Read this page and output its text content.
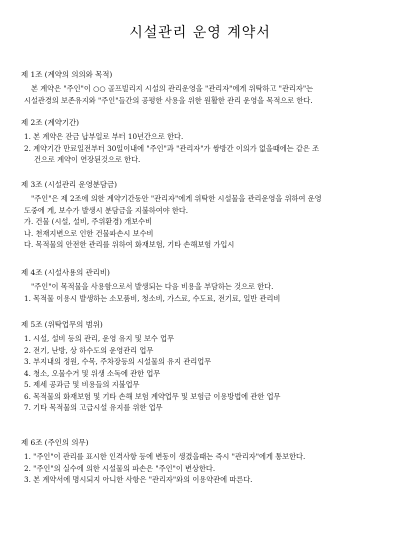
시설관리 운영 계약서
제 1조 (계약의 의의와 목적)
본 계약은 "주인"이 ○○ 골프빌리지 시설의 관리운영을 "관리자"에게 위탁하고 "관리자"는
시설관경의 보존유지와 "주인"들간의 공평한 사용을 위한 원활한 관리 운영을 목적으로 한다.
제 2조 (계약기간)
1. 본 계약은 잔금 납부일로 부터 10년간으로 한다.
2. 계약기간 만료일전부터 30일이내에 "주인"과 "관리자"가 쌍방간 이의가 없을때에는 같은 조
건으로 계약이 연장된것으로 한다.
제 3조 (시설관리 운영분담금)
"주인"은 제 2조에 의한 계약기간동안 "관리자"에게 위탁한 시설물을 관리운영을 위하여 운영
도중에 게, 보수가 발생시 분담금을 지불하여야 한다.
가. 건물 (시설, 설비, 주위환경) 개보수비
나. 천재지변으로 인한 건물파손시 보수비
다. 목적물의 안전한 관리를 위하여 화재보험, 기타 손해보험 가입시
제 4조 (시설사용의 관리비)
"주인"이 목적물을 사용함으로서 발생되는 다음 비용을 부담하는 것으로 한다.
1. 목적물 이용시 발생하는 소모품비, 청소비, 가스료, 수도료, 전기료, 일반 관리비
제 5조 (위탁업무의 범위)
1. 시설, 설비 등의 관리, 운영 유지 및 보수 업무
2. 전기, 난방, 상 하수도의 운영관리 업무
3. 부지내의 정원, 수목, 주차장등의 시설물의 유지 관리업무
4. 청소, 오물수거 및 위생 소독에 관한 업무
5. 제세 공과금 및 비용들의 지불업무
6. 목적물의 화재보험 및 기타 손해 보험 계약업무 및 보험금 이용방법에 관한 업무
7. 기타 목적물의 고급시설 유지를 위한 업무
제 6조 (주인의 의무)
1. "주인"이 관리를 표시한 인격사항 등에 변동이 생겼을때는 즉시 "관리자"에게 통보한다.
2. "주인"의 실수에 의한 시설물의 파손은 "주인"이 변상한다.
3. 본 계약서에 명시되지 아니한 사항은 "관리자"와의 이용약관에 따른다.
